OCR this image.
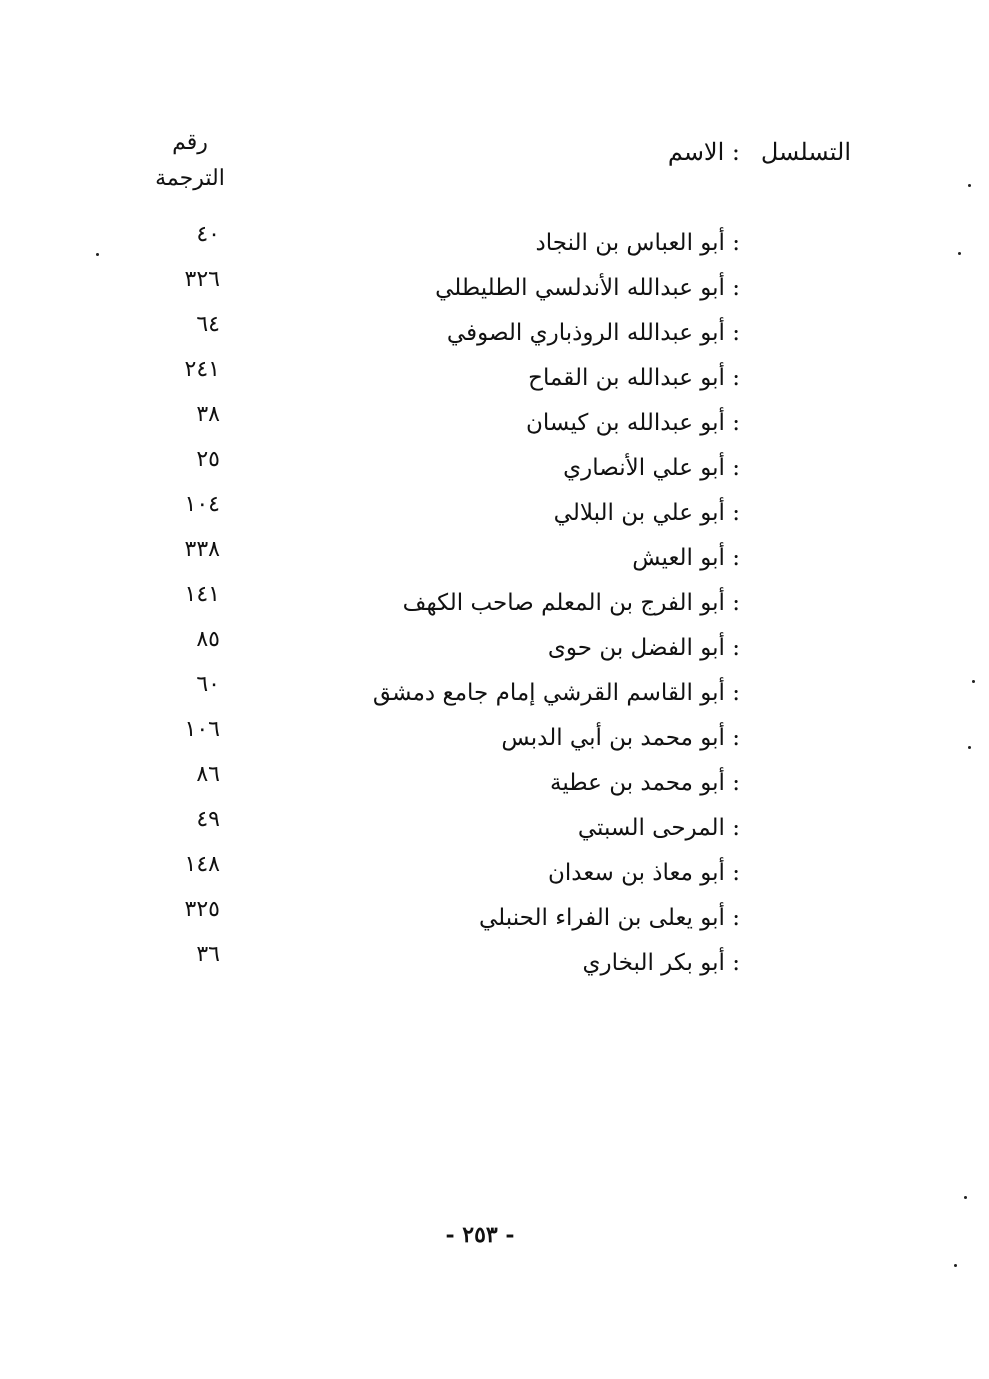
التسلسل
: الاسم
رقم
الترجمة
: أبو العباس بن النجاد
٤٠
: أبو عبدالله الأندلسي الطليطلي
٣٢٦
: أبو عبدالله الروذباري الصوفي
٦٤
: أبو عبدالله بن القماح
٢٤١
: أبو عبدالله بن كيسان
٣٨
: أبو علي الأنصاري
٢٥
: أبو علي بن البلالي
١٠٤
: أبو العيش
٣٣٨
: أبو الفرج بن المعلم صاحب الكهف
١٤١
: أبو الفضل بن حوى
٨٥
: أبو القاسم القرشي إمام جامع دمشق
٦٠
: أبو محمد بن أبي الدبس
١٠٦
: أبو محمد بن عطية
٨٦
: المرحى السبتي
٤٩
: أبو معاذ بن سعدان
١٤٨
: أبو يعلى بن الفراء الحنبلي
٣٢٥
: أبو بكر البخاري
٣٦
- ٢٥٣ -
